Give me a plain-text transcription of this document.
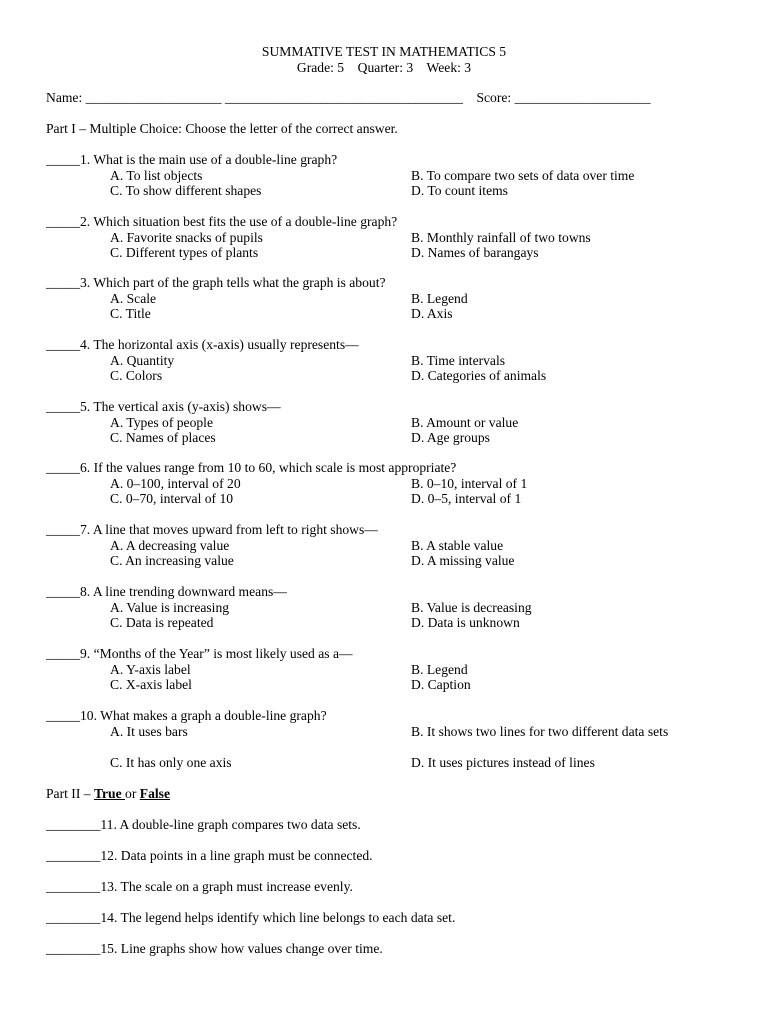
SUMMATIVE TEST IN MATHEMATICS 5
Grade: 5    Quarter: 3    Week: 3
Name: ____________________ ___________________________________    Score: ____________________
Part I – Multiple Choice: Choose the letter of the correct answer.
_____1. What is the main use of a double-line graph?
A. To list objects	B. To compare two sets of data over time
C. To show different shapes	D. To count items
_____2. Which situation best fits the use of a double-line graph?
A. Favorite snacks of pupils	B. Monthly rainfall of two towns
C. Different types of plants	D. Names of barangays
_____3. Which part of the graph tells what the graph is about?
A. Scale	B. Legend
C. Title	D. Axis
_____4. The horizontal axis (x-axis) usually represents—
A. Quantity	B. Time intervals
C. Colors	D. Categories of animals
_____5. The vertical axis (y-axis) shows—
A. Types of people	B. Amount or value
C. Names of places	D. Age groups
_____6. If the values range from 10 to 60, which scale is most appropriate?
A. 0–100, interval of 20	B. 0–10, interval of 1
C. 0–70, interval of 10	D. 0–5, interval of 1
_____7. A line that moves upward from left to right shows—
A. A decreasing value	B. A stable value
C. An increasing value	D. A missing value
_____8. A line trending downward means—
A. Value is increasing	B. Value is decreasing
C. Data is repeated	D. Data is unknown
_____9. “Months of the Year” is most likely used as a—
A. Y-axis label	B. Legend
C. X-axis label	D. Caption
_____10. What makes a graph a double-line graph?
A. It uses bars	B. It shows two lines for two different data sets
C. It has only one axis	D. It uses pictures instead of lines
Part II – True or False
________11. A double-line graph compares two data sets.
________12. Data points in a line graph must be connected.
________13. The scale on a graph must increase evenly.
________14. The legend helps identify which line belongs to each data set.
________15. Line graphs show how values change over time.
